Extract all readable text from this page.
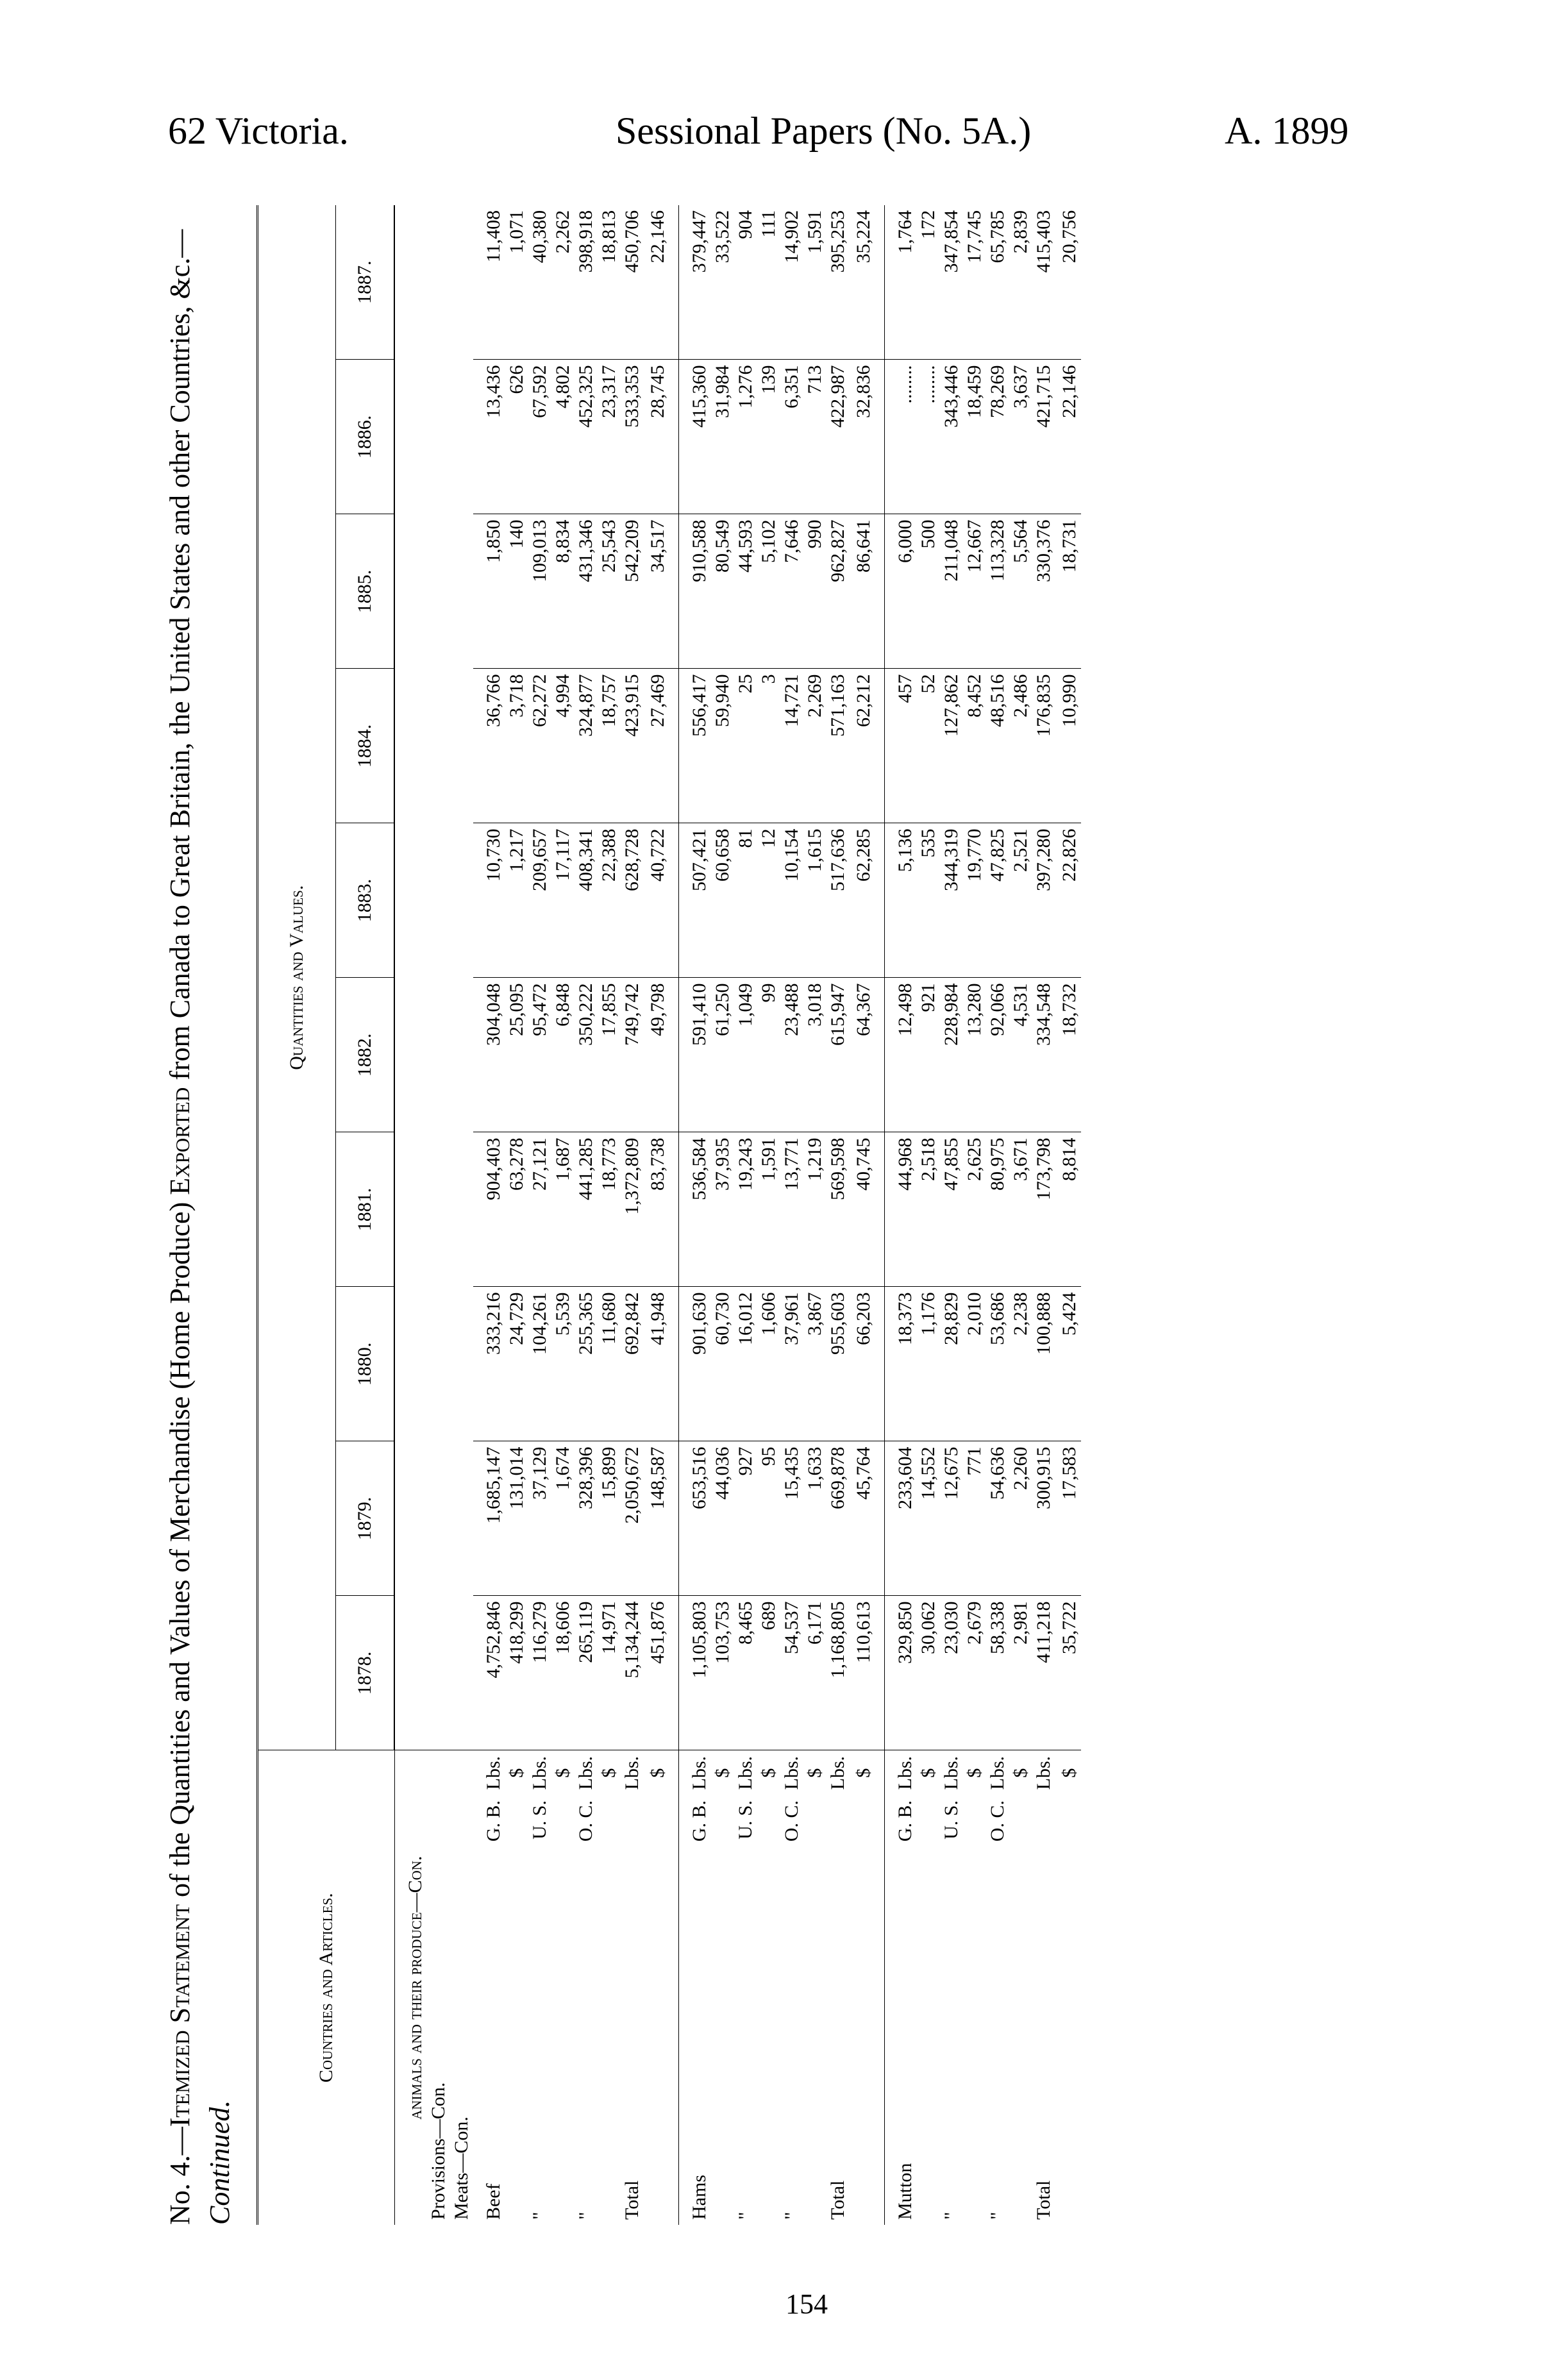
62 Victoria.	Sessional Papers (No. 5A.)	A. 1899
No. 4.—Itemized Statement of the Quantities and Values of Merchandise (Home Produce) Exported from Canada to Great Britain, the United States and other Countries, &c.—Continued.
Countries and Articles.			Quantities and Values.									
			1878.	1879.	1880.	1881.	1882.	1883.	1884.	1885.	1886.	1887.
animals and their produce—Con.												
Provisions—Con.												
Meats—Con.												
Beef	G. B.	Lbs.	4,752,846	1,685,147	333,216	904,403	304,048	10,730	36,766	1,850	13,436	11,408
		$	418,299	131,014	24,729	63,278	25,095	1,217	3,718	140	626	1,071
"	U. S.	Lbs.	116,279	37,129	104,261	27,121	95,472	209,657	62,272	109,013	67,592	40,380
		$	18,606	1,674	5,539	1,687	6,848	17,117	4,994	8,834	4,802	2,262
"	O. C.	Lbs.	265,119	328,396	255,365	441,285	350,222	408,341	324,877	431,346	452,325	398,918
		$	14,971	15,899	11,680	18,773	17,855	22,388	18,757	25,543	23,317	18,813
Total		Lbs.	5,134,244	2,050,672	692,842	1,372,809	749,742	628,728	423,915	542,209	533,353	450,706
		$	451,876	148,587	41,948	83,738	49,798	40,722	27,469	34,517	28,745	22,146
Hams	G. B.	Lbs.	1,105,803	653,516	901,630	536,584	591,410	507,421	556,417	910,588	415,360	379,447
		$	103,753	44,036	60,730	37,935	61,250	60,658	59,940	80,549	31,984	33,522
"	U. S.	Lbs.	8,465	927	16,012	19,243	1,049	81	25	44,593	1,276	904
		$	689	95	1,606	1,591	99	12	3	5,102	139	111
"	O. C.	Lbs.	54,537	15,435	37,961	13,771	23,488	10,154	14,721	7,646	6,351	14,902
		$	6,171	1,633	3,867	1,219	3,018	1,615	2,269	990	713	1,591
Total		Lbs.	1,168,805	669,878	955,603	569,598	615,947	517,636	571,163	962,827	422,987	395,253
		$	110,613	45,764	66,203	40,745	64,367	62,285	62,212	86,641	32,836	35,224
Mutton	G. B.	Lbs.	329,850	233,604	18,373	44,968	12,498	5,136	457	6,000	........	1,764
		$	30,062	14,552	1,176	2,518	921	535	52	500	........	172
"	U. S.	Lbs.	23,030	12,675	28,829	47,855	228,984	344,319	127,862	211,048	343,446	347,854
		$	2,679	771	2,010	2,625	13,280	19,770	8,452	12,667	18,459	17,745
"	O. C.	Lbs.	58,338	54,636	53,686	80,975	92,066	47,825	48,516	113,328	78,269	65,785
		$	2,981	2,260	2,238	3,671	4,531	2,521	2,486	5,564	3,637	2,839
Total		Lbs.	411,218	300,915	100,888	173,798	334,548	397,280	176,835	330,376	421,715	415,403
		$	35,722	17,583	5,424	8,814	18,732	22,826	10,990	18,731	22,146	20,756
154
